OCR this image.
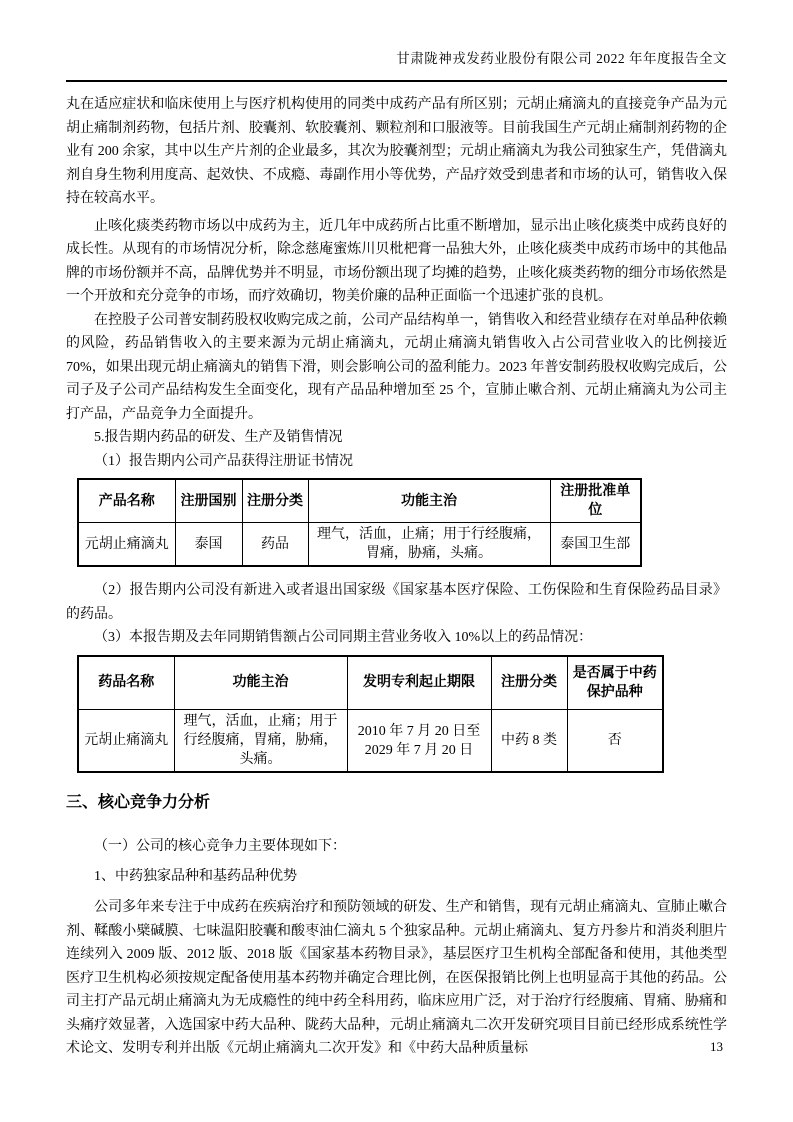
甘肃陇神戎发药业股份有限公司 2022 年年度报告全文

丸在适应症状和临床使用上与医疗机构使用的同类中成药产品有所区别；元胡止痛滴丸的直接竞争产品为元胡止痛制剂药物，包括片剂、胶囊剂、软胶囊剂、颗粒剂和口服液等。目前我国生产元胡止痛制剂药物的企业有 200 余家，其中以生产片剂的企业最多，其次为胶囊剂型；元胡止痛滴丸为我公司独家生产，凭借滴丸剂自身生物利用度高、起效快、不成瘾、毒副作用小等优势，产品疗效受到患者和市场的认可，销售收入保持在较高水平。

止咳化痰类药物市场以中成药为主，近几年中成药所占比重不断增加，显示出止咳化痰类中成药良好的成长性。从现有的市场情况分析，除念慈庵蜜炼川贝枇杷膏一品独大外，止咳化痰类中成药市场中的其他品牌的市场份额并不高，品牌优势并不明显，市场份额出现了均摊的趋势，止咳化痰类药物的细分市场依然是一个开放和充分竞争的市场，而疗效确切，物美价廉的品种正面临一个迅速扩张的良机。

在控股子公司普安制药股权收购完成之前，公司产品结构单一，销售收入和经营业绩存在对单品种依赖的风险，药品销售收入的主要来源为元胡止痛滴丸，元胡止痛滴丸销售收入占公司营业收入的比例接近 70%，如果出现元胡止痛滴丸的销售下滑，则会影响公司的盈利能力。2023 年普安制药股权收购完成后，公司子及子公司产品结构发生全面变化，现有产品品种增加至 25 个，宣肺止嗽合剂、元胡止痛滴丸为公司主打产品，产品竞争力全面提升。

5.报告期内药品的研发、生产及销售情况

（1）报告期内公司产品获得注册证书情况

产品名称	注册国别	注册分类	功能主治	注册批准单位
元胡止痛滴丸	泰国	药品	理气，活血，止痛；用于行经腹痛，胃痛，胁痛，头痛。	泰国卫生部

（2）报告期内公司没有新进入或者退出国家级《国家基本医疗保险、工伤保险和生育保险药品目录》的药品。

（3）本报告期及去年同期销售额占公司同期主营业务收入 10%以上的药品情况：

药品名称	功能主治	发明专利起止期限	注册分类	是否属于中药保护品种
元胡止痛滴丸	理气，活血，止痛；用于行经腹痛，胃痛，胁痛，头痛。	2010 年 7 月 20 日至 2029 年 7 月 20 日	中药 8 类	否
三、核心竞争力分析

（一）公司的核心竞争力主要体现如下：

1、中药独家品种和基药品种优势

公司多年来专注于中成药在疾病治疗和预防领域的研发、生产和销售，现有元胡止痛滴丸、宣肺止嗽合剂、鞣酸小檗碱膜、七味温阳胶囊和酸枣油仁滴丸 5 个独家品种。元胡止痛滴丸、复方丹参片和消炎利胆片连续列入 2009 版、2012 版、2018 版《国家基本药物目录》，基层医疗卫生机构全部配备和使用，其他类型医疗卫生机构必须按规定配备使用基本药物并确定合理比例，在医保报销比例上也明显高于其他的药品。公司主打产品元胡止痛滴丸为无成瘾性的纯中药全科用药，临床应用广泛，对于治疗行经腹痛、胃痛、胁痛和头痛疗效显著，入选国家中药大品种、陇药大品种，元胡止痛滴丸二次开发研究项目目前已经形成系统性学术论文、发明专利并出版《元胡止痛滴丸二次开发》和《中药大品种质量标	13
